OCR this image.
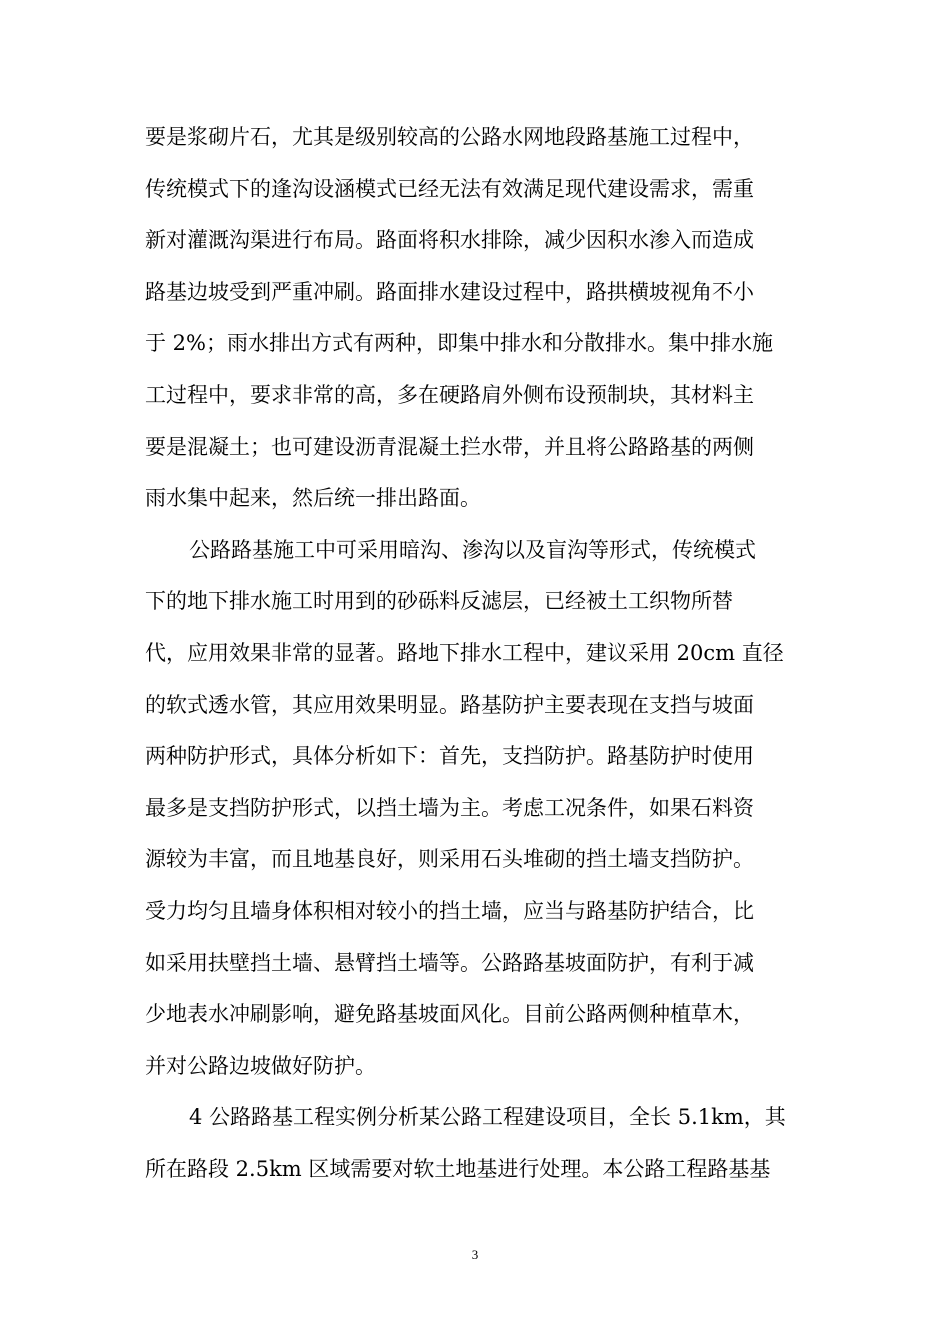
要是浆砌片石，尤其是级别较高的公路水网地段路基施工过程中，
传统模式下的逢沟设涵模式已经无法有效满足现代建设需求，需重
新对灌溉沟渠进行布局。路面将积水排除，减少因积水渗入而造成
路基边坡受到严重冲刷。路面排水建设过程中，路拱横坡视角不小
于 2%；雨水排出方式有两种，即集中排水和分散排水。集中排水施
工过程中，要求非常的高，多在硬路肩外侧布设预制块，其材料主
要是混凝土；也可建设沥青混凝土拦水带，并且将公路路基的两侧
雨水集中起来，然后统一排出路面。
公路路基施工中可采用暗沟、渗沟以及盲沟等形式，传统模式
下的地下排水施工时用到的砂砾料反滤层，已经被土工织物所替
代，应用效果非常的显著。路地下排水工程中，建议采用 20cm 直径
的软式透水管，其应用效果明显。路基防护主要表现在支挡与坡面
两种防护形式，具体分析如下：首先，支挡防护。路基防护时使用
最多是支挡防护形式，以挡土墙为主。考虑工况条件，如果石料资
源较为丰富，而且地基良好，则采用石头堆砌的挡土墙支挡防护。
受力均匀且墙身体积相对较小的挡土墙，应当与路基防护结合，比
如采用扶壁挡土墙、悬臂挡土墙等。公路路基坡面防护，有利于减
少地表水冲刷影响，避免路基坡面风化。目前公路两侧种植草木，
并对公路边坡做好防护。
4 公路路基工程实例分析某公路工程建设项目，全长 5.1km，其
所在路段 2.5km 区域需要对软土地基进行处理。本公路工程路基基
3
